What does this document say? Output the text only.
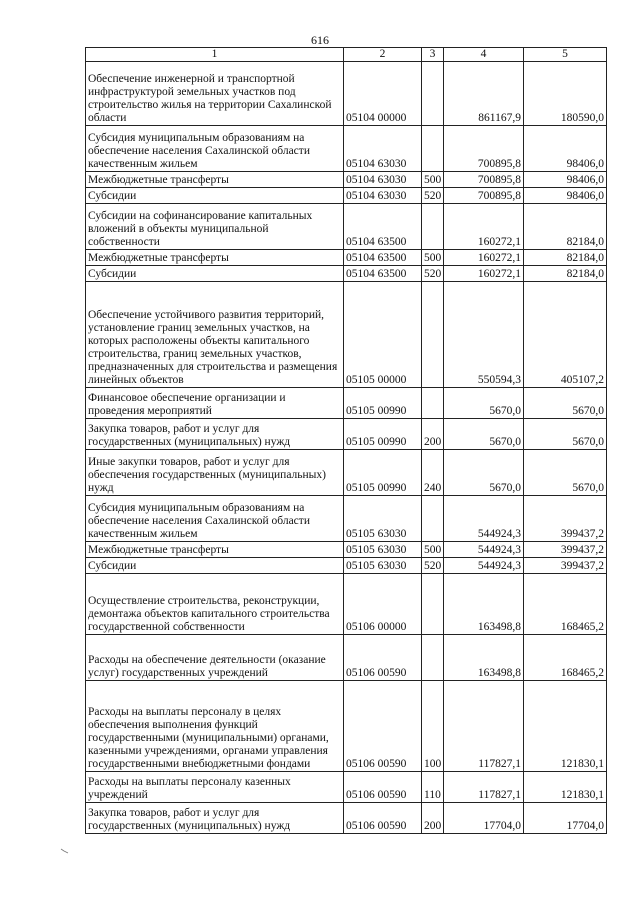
616
1	2	3	4	5
Обеспечение инженерной и транспортной инфраструктурой земельных участков под строительство жилья на территории Сахалинской области	05104 00000		861167,9	180590,0
Субсидия муниципальным образованиям на обеспечение населения Сахалинской области качественным жильем	05104 63030		700895,8	98406,0
Межбюджетные трансферты	05104 63030	500	700895,8	98406,0
Субсидии	05104 63030	520	700895,8	98406,0
Субсидии на софинансирование капитальных вложений в объекты муниципальной собственности	05104 63500		160272,1	82184,0
Межбюджетные трансферты	05104 63500	500	160272,1	82184,0
Субсидии	05104 63500	520	160272,1	82184,0
Обеспечение устойчивого развития территорий, установление границ земельных участков, на которых расположены объекты капитального строительства, границ земельных участков, предназначенных для строительства и размещения линейных объектов	05105 00000		550594,3	405107,2
Финансовое обеспечение организации и проведения мероприятий	05105 00990		5670,0	5670,0
Закупка товаров, работ и услуг для государственных (муниципальных) нужд	05105 00990	200	5670,0	5670,0
Иные закупки товаров, работ и услуг для обеспечения государственных (муниципальных) нужд	05105 00990	240	5670,0	5670,0
Субсидия муниципальным образованиям на обеспечение населения Сахалинской области качественным жильем	05105 63030		544924,3	399437,2
Межбюджетные трансферты	05105 63030	500	544924,3	399437,2
Субсидии	05105 63030	520	544924,3	399437,2
Осуществление строительства, реконструкции, демонтажа объектов капитального строительства государственной собственности	05106 00000		163498,8	168465,2
Расходы на обеспечение деятельности (оказание услуг) государственных учреждений	05106 00590		163498,8	168465,2
Расходы на выплаты персоналу в целях обеспечения выполнения функций государственными (муниципальными) органами, казенными учреждениями, органами управления государственными внебюджетными фондами	05106 00590	100	117827,1	121830,1
Расходы на выплаты персоналу казенных учреждений	05106 00590	110	117827,1	121830,1
Закупка товаров, работ и услуг для государственных (муниципальных) нужд	05106 00590	200	17704,0	17704,0
